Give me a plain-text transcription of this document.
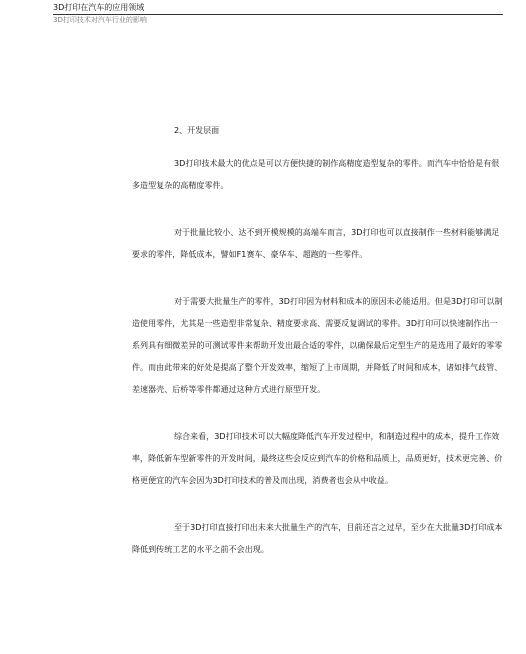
3D打印在汽车的应用领域
3D打印技术对汽车行业的影响
2、开发层面

3D打印技术最大的优点是可以方便快捷的制作高精度造型复杂的零件。而汽车中恰恰是有很多造型复杂的高精度零件。

对于批量比较小、达不到开模规模的高端车而言，3D打印也可以直接制作一些材料能够满足要求的零件，降低成本，譬如F1赛车、豪华车、超跑的一些零件。

对于需要大批量生产的零件，3D打印因为材料和成本的原因未必能适用。但是3D打印可以制造使用零件，尤其是一些造型非常复杂、精度要求高、需要反复调试的零件。3D打印可以快速制作出一系列具有细微差异的可测试零件来帮助开发出最合适的零件，以确保最后定型生产的是选用了最好的零零件。而由此带来的好处是提高了整个开发效率，缩短了上市周期，并降低了时间和成本，诸如排气歧管、差速器壳、后桥等零件都通过这种方式进行原型开发。

综合来看，3D打印技术可以大幅度降低汽车开发过程中，和制造过程中的成本，提升工作效率，降低新车型新零件的开发时间，最终这些会反应到汽车的价格和品质上，品质更好，技术更完善、价格更便宜的汽车会因为3D打印技术的普及而出现，消费者也会从中收益。

至于3D打印直接打印出未来大批量生产的汽车，目前还言之过早，至少在大批量3D打印成本降低到传统工艺的水平之前不会出现。
